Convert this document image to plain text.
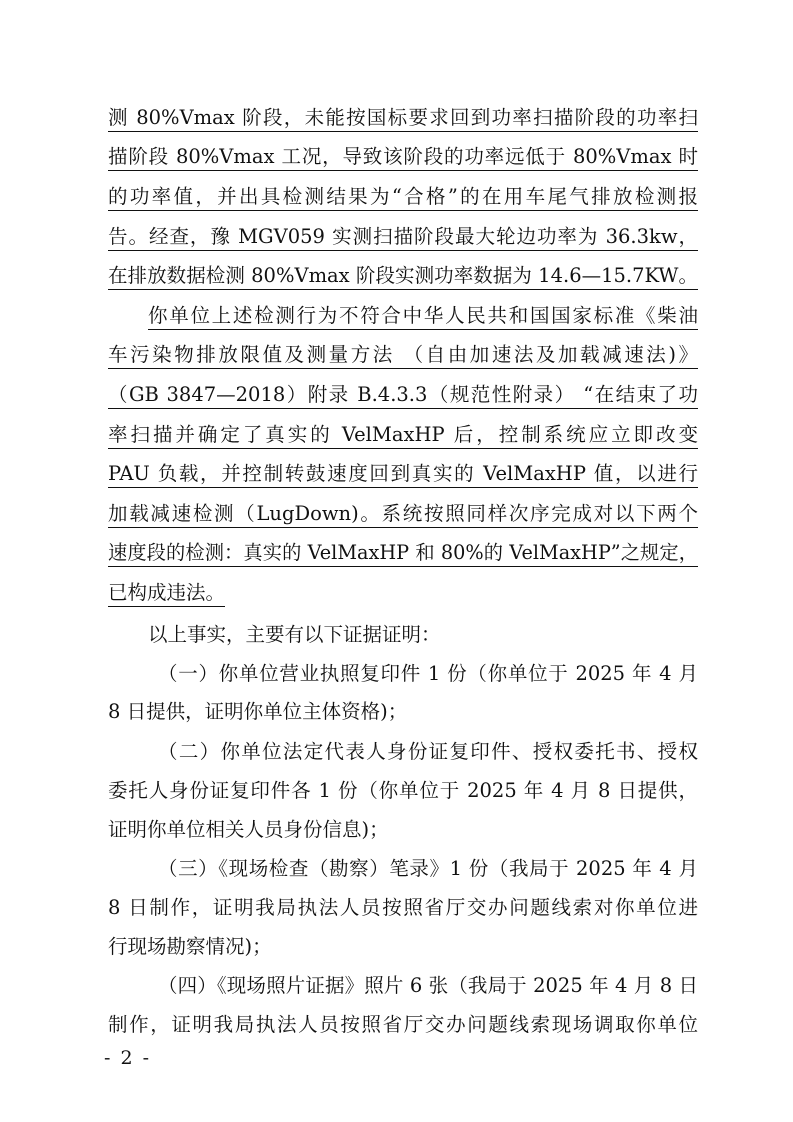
测 80%Vmax 阶段，未能按国标要求回到功率扫描阶段的功率扫
描阶段 80%Vmax 工况，导致该阶段的功率远低于 80%Vmax 时
的功率值，并出具检测结果为“合格”的在用车尾气排放检测报
告。经查，豫 MGV059 实测扫描阶段最大轮边功率为 36.3kw，
在排放数据检测 80%Vmax 阶段实测功率数据为 14.6—15.7KW。
你单位上述检测行为不符合中华人民共和国国家标准《柴油
车污染物排放限值及测量方法 （自由加速法及加载减速法)》
（GB 3847—2018）附录 B.4.3.3（规范性附录） “在结束了功
率扫描并确定了真实的 VelMaxHP 后，控制系统应立即改变
PAU 负载，并控制转鼓速度回到真实的 VelMaxHP 值，以进行
加载减速检测（LugDown)。系统按照同样次序完成对以下两个
速度段的检测：真实的 VelMaxHP 和 80%的 VelMaxHP”之规定，
已构成违法。
以上事实，主要有以下证据证明：
（一）你单位营业执照复印件 1 份（你单位于 2025 年 4 月
8 日提供，证明你单位主体资格)；
（二）你单位法定代表人身份证复印件、授权委托书、授权
委托人身份证复印件各 1 份（你单位于 2025 年 4 月 8 日提供，
证明你单位相关人员身份信息)；
（三）《现场检查（勘察）笔录》1 份（我局于 2025 年 4 月
8 日制作，证明我局执法人员按照省厅交办问题线索对你单位进
行现场勘察情况)；
（四）《现场照片证据》照片 6 张（我局于 2025 年 4 月 8 日
制作，证明我局执法人员按照省厅交办问题线索现场调取你单位
- 2 -
